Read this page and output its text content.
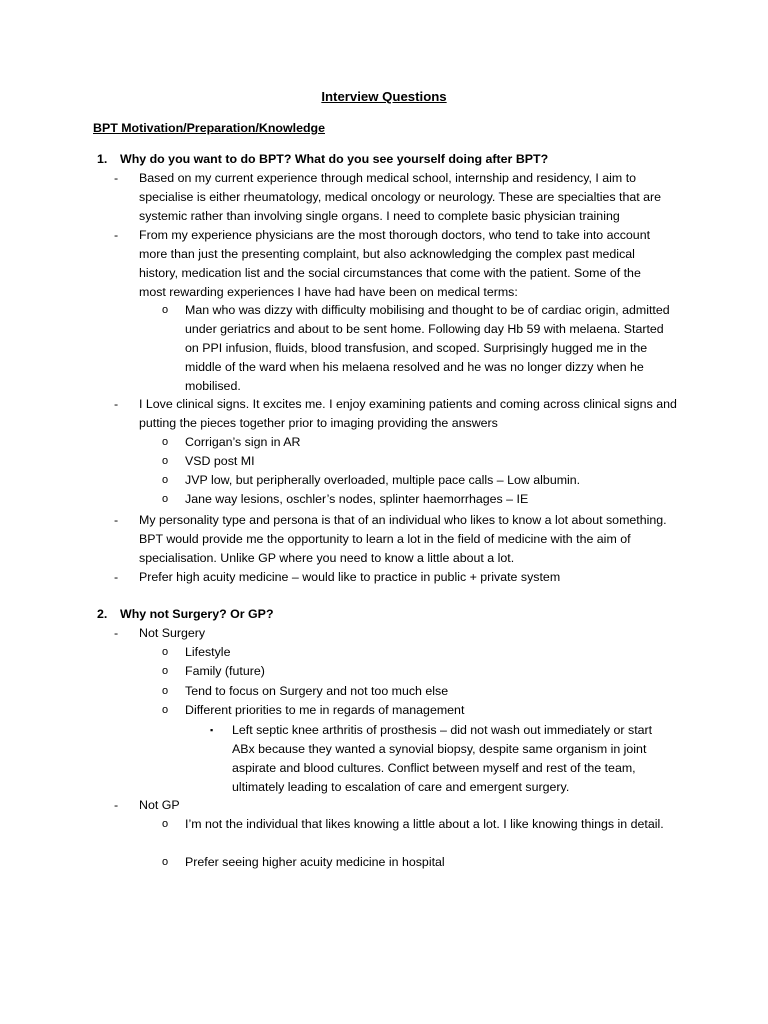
Interview Questions
BPT Motivation/Preparation/Knowledge
1. Why do you want to do BPT? What do you see yourself doing after BPT?
- Based on my current experience through medical school, internship and residency, I aim to specialise is either rheumatology, medical oncology or neurology. These are specialties that are systemic rather than involving single organs. I need to complete basic physician training
- From my experience physicians are the most thorough doctors, who tend to take into account more than just the presenting complaint, but also acknowledging the complex past medical history, medication list and the social circumstances that come with the patient. Some of the most rewarding experiences I have had have been on medical terms:
o Man who was dizzy with difficulty mobilising and thought to be of cardiac origin, admitted under geriatrics and about to be sent home. Following day Hb 59 with melaena. Started on PPI infusion, fluids, blood transfusion, and scoped. Surprisingly hugged me in the middle of the ward when his melaena resolved and he was no longer dizzy when he mobilised.
- I Love clinical signs. It excites me. I enjoy examining patients and coming across clinical signs and putting the pieces together prior to imaging providing the answers
o Corrigan’s sign in AR
o VSD post MI
o JVP low, but peripherally overloaded, multiple pace calls – Low albumin.
o Jane way lesions, oschler’s nodes, splinter haemorrhages – IE
- My personality type and persona is that of an individual who likes to know a lot about something. BPT would provide me the opportunity to learn a lot in the field of medicine with the aim of specialisation. Unlike GP where you need to know a little about a lot.
- Prefer high acuity medicine – would like to practice in public + private system
2. Why not Surgery? Or GP?
- Not Surgery
o Lifestyle
o Family (future)
o Tend to focus on Surgery and not too much else
o Different priorities to me in regards of management
▪ Left septic knee arthritis of prosthesis – did not wash out immediately or start ABx because they wanted a synovial biopsy, despite same organism in joint aspirate and blood cultures. Conflict between myself and rest of the team, ultimately leading to escalation of care and emergent surgery.
- Not GP
o I’m not the individual that likes knowing a little about a lot. I like knowing things in detail.
o Prefer seeing higher acuity medicine in hospital
